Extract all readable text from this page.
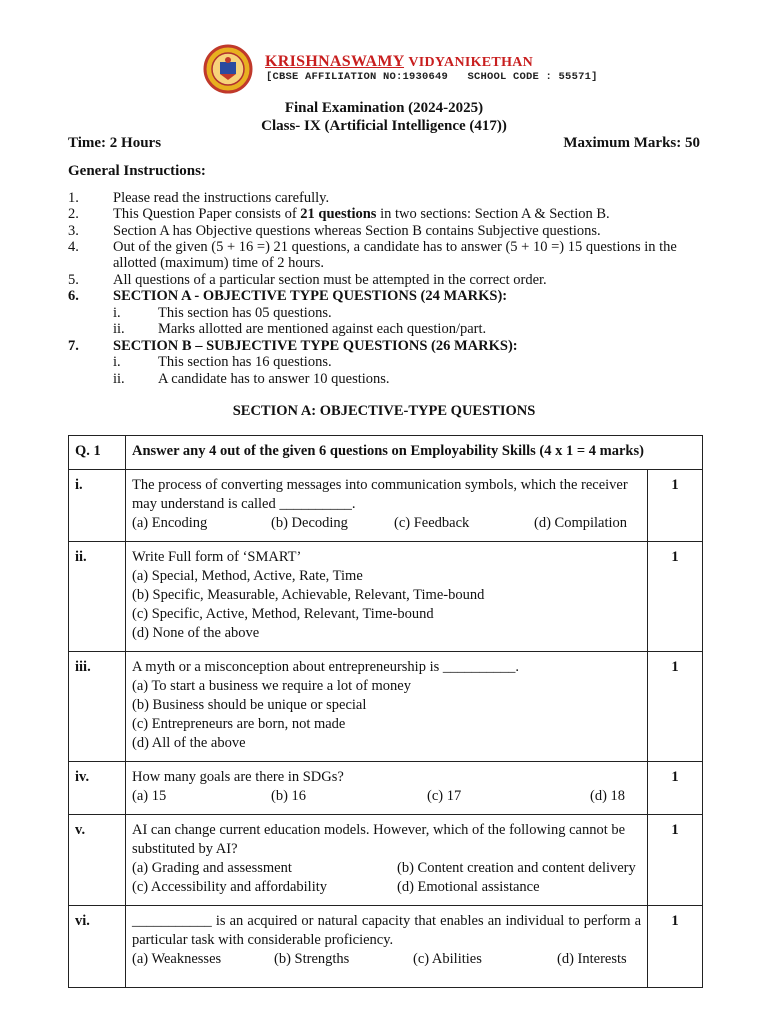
KRISHNASWAMY VIDYANIKETHAN
[CBSE AFFILIATION NO:1930649 SCHOOL CODE : 55571]
Final Examination (2024-2025)
Class- IX (Artificial Intelligence (417))
Time: 2 Hours	Maximum Marks: 50
General Instructions:
1. Please read the instructions carefully.
2. This Question Paper consists of 21 questions in two sections: Section A & Section B.
3. Section A has Objective questions whereas Section B contains Subjective questions.
4. Out of the given (5 + 16 =) 21 questions, a candidate has to answer (5 + 10 =) 15 questions in the
allotted (maximum) time of 2 hours.
5. All questions of a particular section must be attempted in the correct order.
6. SECTION A - OBJECTIVE TYPE QUESTIONS (24 MARKS):
i.	This section has 05 questions.
ii. Marks allotted are mentioned against each question/part.
7. SECTION B – SUBJECTIVE TYPE QUESTIONS (26 MARKS):
i.	This section has 16 questions.
ii. A candidate has to answer 10 questions.
SECTION A: OBJECTIVE-TYPE QUESTIONS
Q. 1	Answer any 4 out of the given 6 questions on Employability Skills (4 x 1 = 4 marks)	
i.	The process of converting messages into communication symbols, which the receiver may understand is called __________.
(a) Encoding (b) Decoding (c) Feedback (d) Compilation	1
ii.	Write Full form of ‘SMART’
(a) Special, Method, Active, Rate, Time
(b) Specific, Measurable, Achievable, Relevant, Time-bound
(c) Specific, Active, Method, Relevant, Time-bound
(d) None of the above	1
iii.	A myth or a misconception about entrepreneurship is __________.
(a) To start a business we require a lot of money
(b) Business should be unique or special
(c) Entrepreneurs are born, not made
(d) All of the above	1
iv.	How many goals are there in SDGs?
(a) 15 (b) 16 (c) 17 (d) 18	1
v.	AI can change current education models. However, which of the following cannot be substituted by AI?
(a) Grading and assessment (b) Content creation and content delivery
(c) Accessibility and affordability (d) Emotional assistance	1
vi.	___________ is an acquired or natural capacity that enables an individual to perform a particular task with considerable proficiency.
(a) Weaknesses (b) Strengths (c) Abilities (d) Interests	1
